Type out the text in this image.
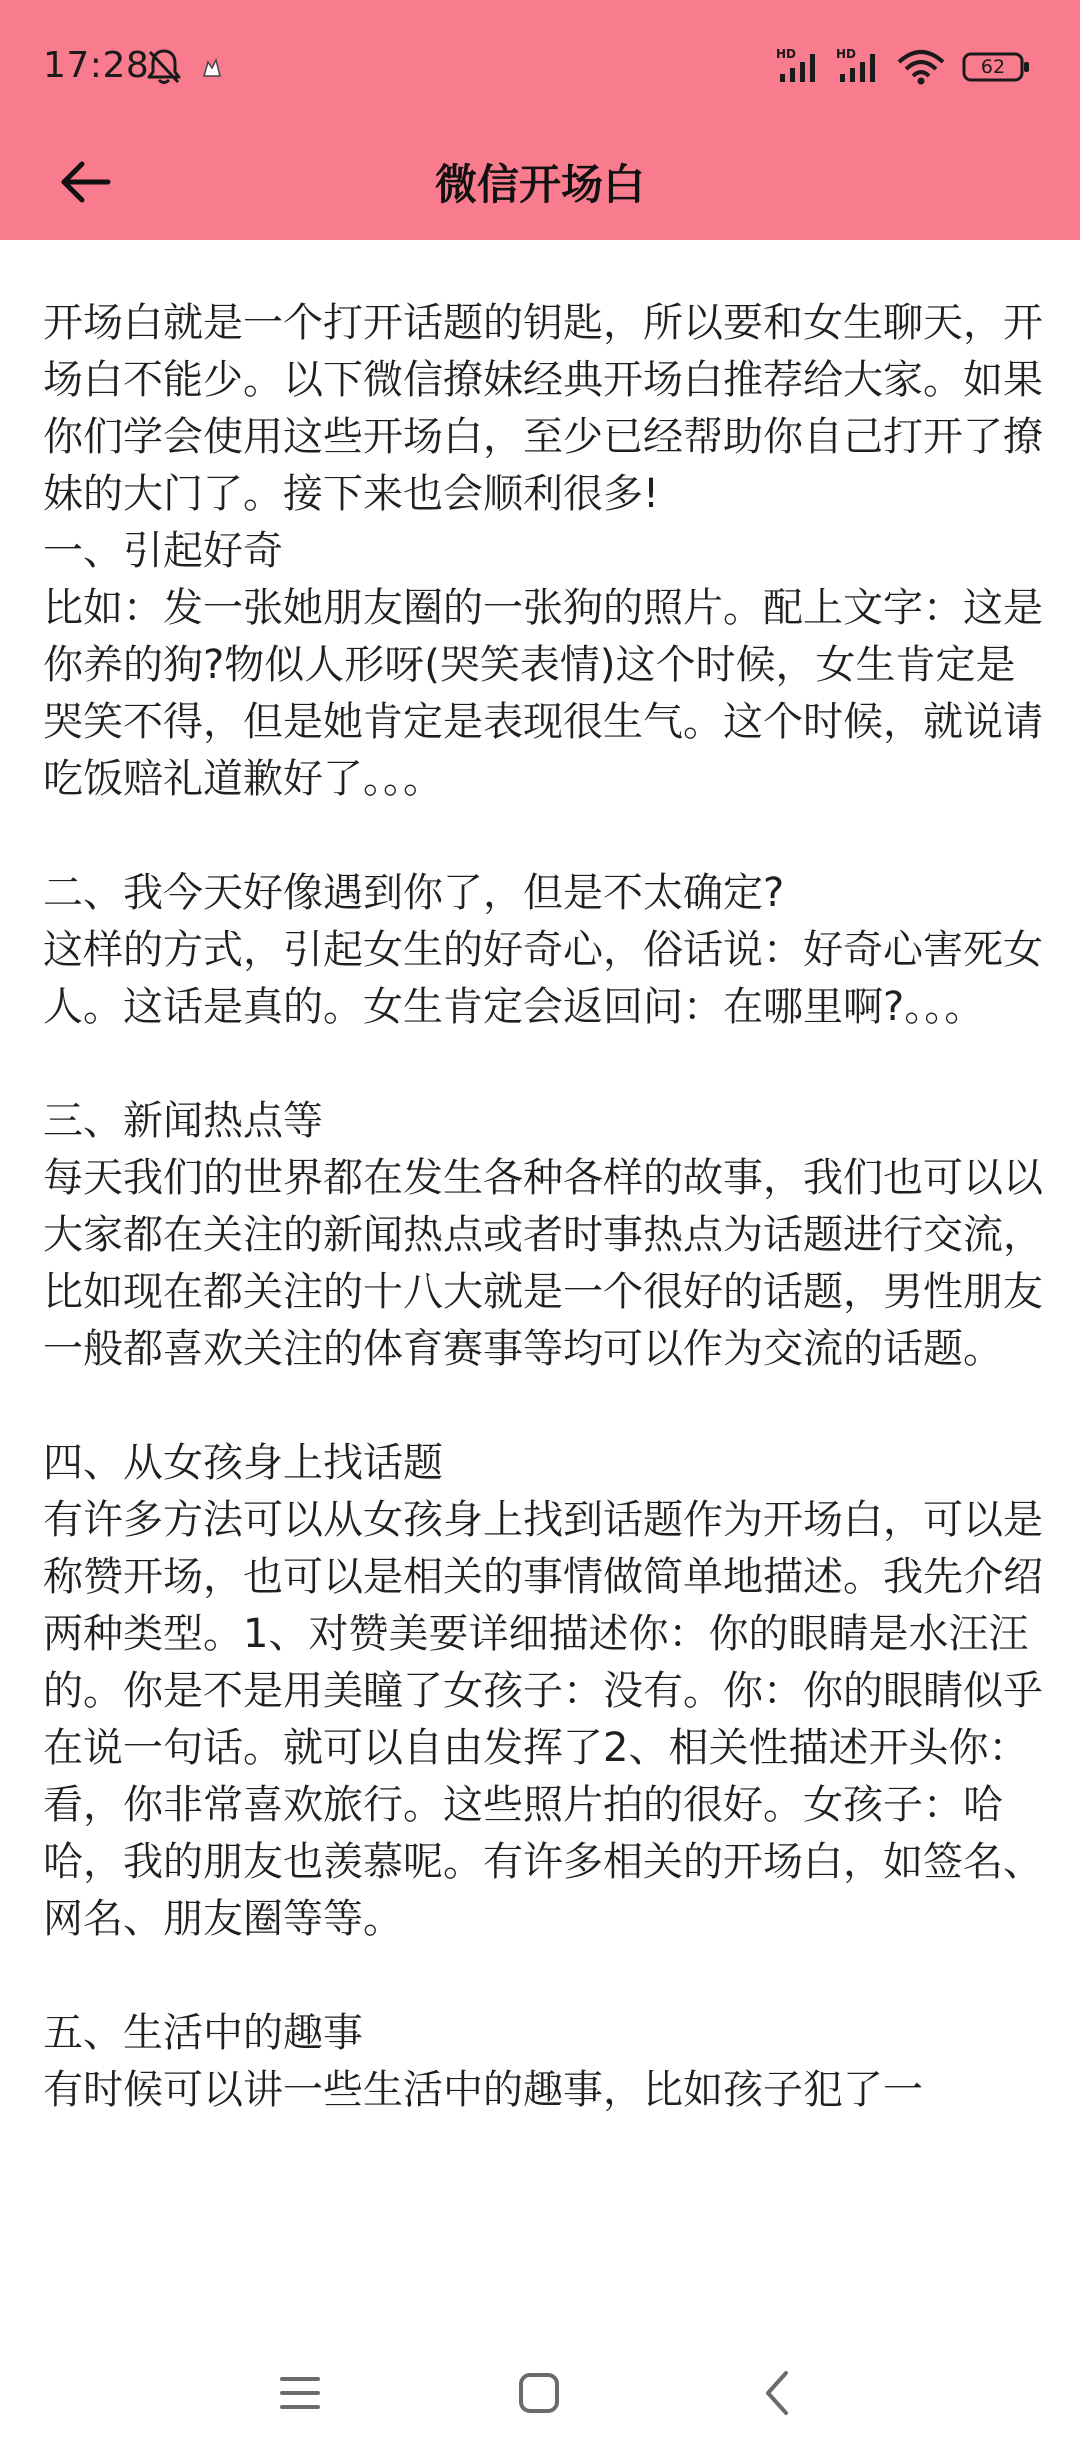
17:28	HD	HD
62
微信开场白
开场白就是一个打开话题的钥匙，所以要和女生聊天，开场白不能少。以下微信撩妹经典开场白推荐给大家。如果你们学会使用这些开场白，至少已经帮助你自己打开了撩妹的大门了。接下来也会顺利很多!
一、引起好奇
比如：发一张她朋友圈的一张狗的照片。配上文字：这是你养的狗?物似人形呀(哭笑表情)这个时候，女生肯定是哭笑不得，但是她肯定是表现很生气。这个时候，就说请吃饭赔礼道歉好了。。。

二、我今天好像遇到你了，但是不太确定?
这样的方式，引起女生的好奇心，俗话说：好奇心害死女人。这话是真的。女生肯定会返回问：在哪里啊?。。。

三、新闻热点等
每天我们的世界都在发生各种各样的故事，我们也可以以大家都在关注的新闻热点或者时事热点为话题进行交流，比如现在都关注的十八大就是一个很好的话题，男性朋友一般都喜欢关注的体育赛事等均可以作为交流的话题。

四、从女孩身上找话题
有许多方法可以从女孩身上找到话题作为开场白，可以是称赞开场，也可以是相关的事情做简单地描述。我先介绍两种类型。1、对赞美要详细描述你：你的眼睛是水汪汪的。你是不是用美瞳了女孩子：没有。你：你的眼睛似乎在说一句话。就可以自由发挥了2、相关性描述开头你：看，你非常喜欢旅行。这些照片拍的很好。女孩子：哈哈，我的朋友也羡慕呢。有许多相关的开场白，如签名、网名、朋友圈等等。

五、生活中的趣事
有时候可以讲一些生活中的趣事，比如孩子犯了一
